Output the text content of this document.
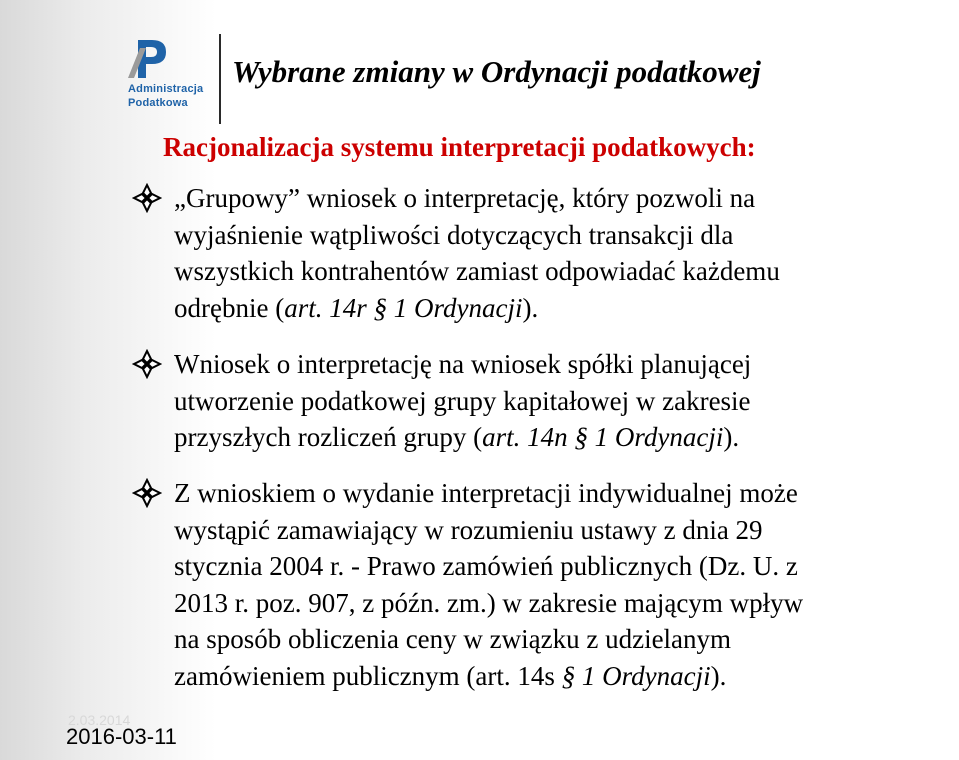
Administracja
Podatkowa
Wybrane zmiany w Ordynacji podatkowej
Racjonalizacja systemu interpretacji podatkowych:
„Grupowy” wniosek o interpretację, który pozwoli na
wyjaśnienie wątpliwości dotyczących transakcji dla
wszystkich kontrahentów zamiast odpowiadać każdemu
odrębnie (art. 14r § 1 Ordynacji).
Wniosek o interpretację na wniosek spółki planującej
utworzenie podatkowej grupy kapitałowej w zakresie
przyszłych rozliczeń grupy (art. 14n § 1 Ordynacji).
Z wnioskiem o wydanie interpretacji indywidualnej może
wystąpić zamawiający w rozumieniu ustawy z dnia 29
stycznia 2004 r. - Prawo zamówień publicznych (Dz. U. z
2013 r. poz. 907, z późn. zm.) w zakresie mającym wpływ
na sposób obliczenia ceny w związku z udzielanym
zamówieniem publicznym (art. 14s § 1 Ordynacji).
2.03.2014
2016-03-11
